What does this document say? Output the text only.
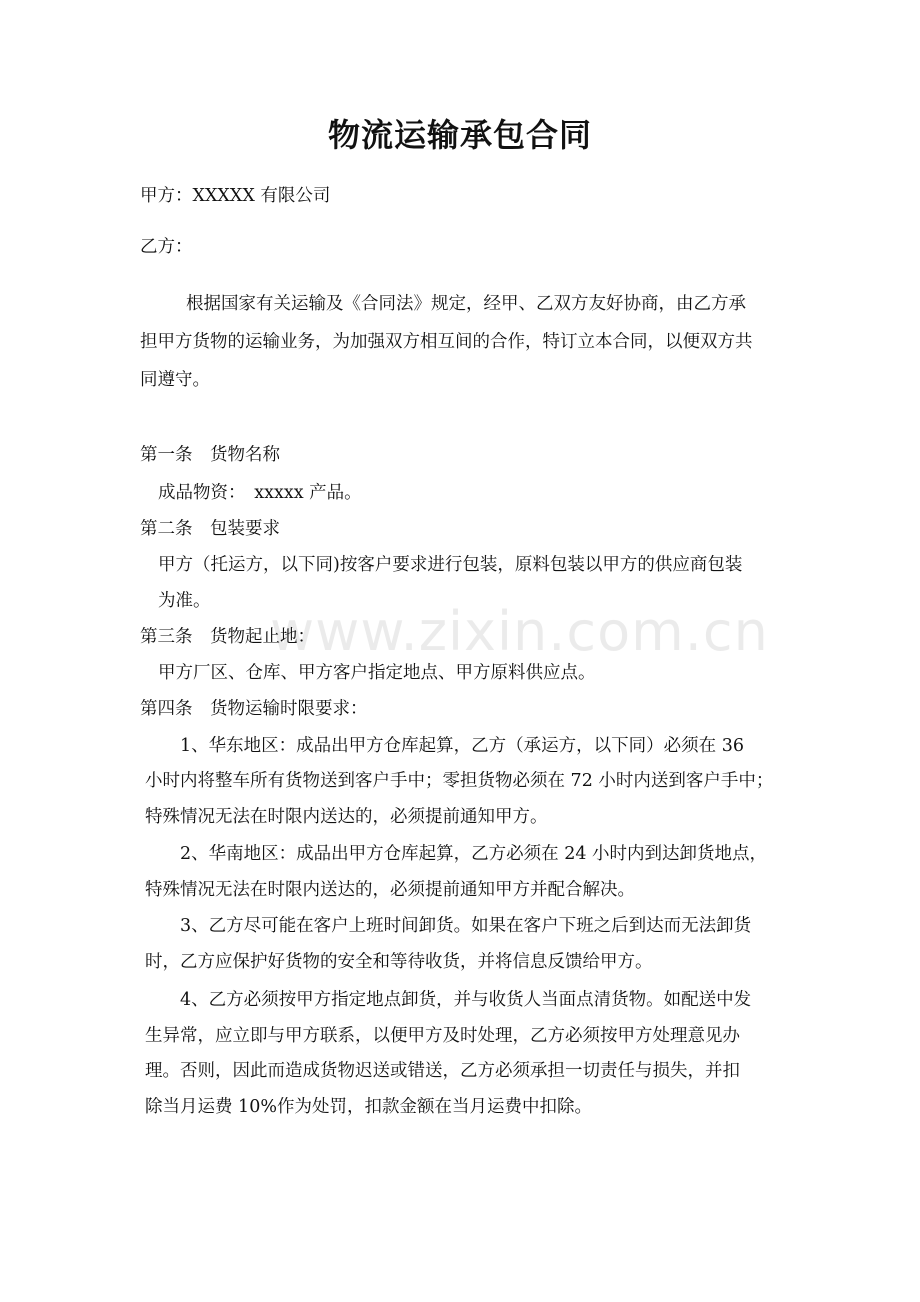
物流运输承包合同
甲方：XXXXX 有限公司
乙方：
根据国家有关运输及《合同法》规定，经甲、乙双方友好协商，由乙方承
担甲方货物的运输业务，为加强双方相互间的合作，特订立本合同，以便双方共
同遵守。
第一条　货物名称
成品物资：　xxxxx 产品。
第二条　包装要求
甲方（托运方，以下同)按客户要求进行包装，原料包装以甲方的供应商包装
为准。
第三条　货物起止地：
甲方厂区、仓库、甲方客户指定地点、甲方原料供应点。
第四条　货物运输时限要求：
1、华东地区：成品出甲方仓库起算，乙方（承运方，以下同）必须在 36
小时内将整车所有货物送到客户手中；零担货物必须在 72 小时内送到客户手中；
特殊情况无法在时限内送达的，必须提前通知甲方。
2、华南地区：成品出甲方仓库起算，乙方必须在 24 小时内到达卸货地点，
特殊情况无法在时限内送达的，必须提前通知甲方并配合解决。
3、乙方尽可能在客户上班时间卸货。如果在客户下班之后到达而无法卸货
时，乙方应保护好货物的安全和等待收货，并将信息反馈给甲方。
4、乙方必须按甲方指定地点卸货，并与收货人当面点清货物。如配送中发
生异常，应立即与甲方联系，以便甲方及时处理，乙方必须按甲方处理意见办
理。否则，因此而造成货物迟送或错送，乙方必须承担一切责任与损失，并扣
除当月运费 10%作为处罚，扣款金额在当月运费中扣除。
www.zixin.com.cn
